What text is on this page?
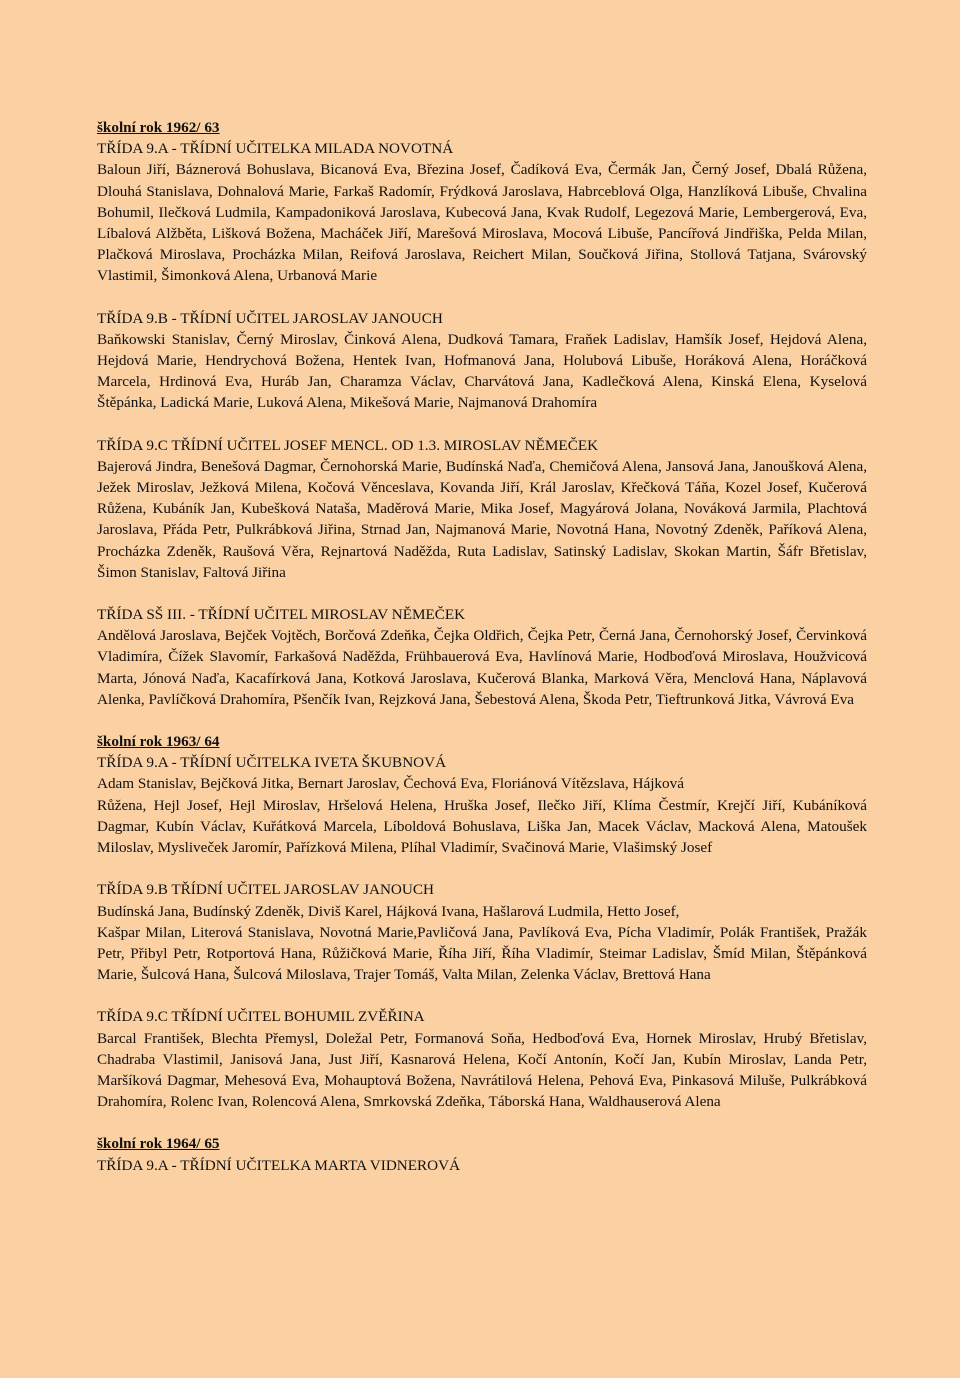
školní rok 1962/ 63
TŘÍDA 9.A - TŘÍDNÍ UČITELKA MILADA NOVOTNÁ
Baloun Jiří, Báznerová Bohuslava, Bicanová Eva, Březina Josef, Čadíková Eva, Čermák Jan, Černý Josef, Dbalá Růžena, Dlouhá Stanislava, Dohnalová Marie, Farkaš Radomír, Frýdková Jaroslava, Habrceblová Olga, Hanzlíková Libuše, Chvalina Bohumil, Ilečková Ludmila, Kampadoniková Jaroslava, Kubecová Jana, Kvak Rudolf, Legezová Marie, Lembergerová, Eva, Líbalová Alžběta, Lišková Božena, Macháček Jiří, Marešová Miroslava, Mocová Libuše, Pancířová Jindřiška, Pelda Milan, Plačková Miroslava, Procházka Milan, Reifová Jaroslava, Reichert Milan, Součková Jiřina, Stollová Tatjana, Svárovský Vlastimil, Šimonková Alena, Urbanová Marie
TŘÍDA 9.B - TŘÍDNÍ UČITEL JAROSLAV JANOUCH
Baňkowski Stanislav, Černý Miroslav, Činková Alena, Dudková Tamara, Fraňek Ladislav, Hamšík Josef, Hejdová Alena, Hejdová Marie, Hendrychová Božena, Hentek Ivan, Hofmanová Jana, Holubová Libuše, Horáková Alena, Horáčková Marcela, Hrdinová Eva, Huráb Jan, Charamza Václav, Charvátová Jana, Kadlečková Alena, Kinská Elena, Kyselová Štěpánka, Ladická Marie, Luková Alena, Mikešová Marie, Najmanová Drahomíra
TŘÍDA 9.C TŘÍDNÍ UČITEL JOSEF MENCL. OD 1.3. MIROSLAV NĚMEČEK
Bajerová Jindra, Benešová Dagmar, Černohorská Marie, Budínská Naďa, Chemičová Alena, Jansová Jana, Janoušková Alena, Ježek Miroslav, Ježková Milena, Kočová Věnceslava, Kovanda Jiří, Král Jaroslav, Křečková Táňa, Kozel Josef, Kučerová Růžena, Kubáník Jan, Kubešková Nataša, Maděrová Marie, Mika Josef, Magyárová Jolana, Nováková Jarmila, Plachtová Jaroslava, Přáda Petr, Pulkrábková Jiřina, Strnad Jan, Najmanová Marie, Novotná Hana, Novotný Zdeněk, Paříková Alena, Procházka Zdeněk, Raušová Věra, Rejnartová Naděžda, Ruta Ladislav, Satinský Ladislav, Skokan Martin, Šáfr Břetislav, Šimon Stanislav, Faltová Jiřina
TŘÍDA SŠ III. - TŘÍDNÍ UČITEL MIROSLAV NĚMEČEK
Andělová Jaroslava, Bejček Vojtěch, Borčová Zdeňka, Čejka Oldřich, Čejka Petr, Černá Jana, Černohorský Josef, Červinková Vladimíra, Čížek Slavomír, Farkašová Naděžda, Frühbauerová Eva, Havlínová Marie, Hodboďová Miroslava, Houžvicová Marta, Jónová Naďa, Kacafírková Jana, Kotková Jaroslava, Kučerová Blanka, Marková Věra, Menclová Hana, Náplavová Alenka, Pavlíčková Drahomíra, Pšenčík Ivan, Rejzková Jana, Šebestová Alena, Škoda Petr, Tieftrunková Jitka, Vávrová Eva
školní rok 1963/ 64
TŘÍDA 9.A - TŘÍDNÍ UČITELKA IVETA ŠKUBNOVÁ
Adam Stanislav, Bejčková Jitka, Bernart Jaroslav, Čechová Eva, Floriánová Vítězslava, Hájková
Růžena, Hejl Josef, Hejl Miroslav, Hršelová Helena, Hruška Josef, Ilečko Jiří, Klíma Čestmír, Krejčí Jiří, Kubáníková Dagmar, Kubín Václav, Kuřátková Marcela, Líboldová Bohuslava, Liška Jan, Macek Václav, Macková Alena, Matoušek Miloslav, Mysliveček Jaromír, Pařízková Milena, Plíhal Vladimír, Svačinová Marie, Vlašimský Josef
TŘÍDA 9.B TŘÍDNÍ UČITEL JAROSLAV JANOUCH
Budínská Jana, Budínský Zdeněk, Diviš Karel, Hájková Ivana, Hašlarová Ludmila, Hetto Josef,
Kašpar Milan, Literová Stanislava, Novotná Marie,Pavličová Jana, Pavlíková Eva, Pícha Vladimír, Polák František, Pražák Petr, Přibyl Petr, Rotportová Hana, Růžičková Marie, Říha Jiří, Říha Vladimír, Steimar Ladislav, Šmíd Milan, Štěpánková Marie, Šulcová Hana, Šulcová Miloslava, Trajer Tomáš, Valta Milan, Zelenka Václav, Brettová Hana
TŘÍDA 9.C TŘÍDNÍ UČITEL BOHUMIL ZVĚŘINA
Barcal František, Blechta Přemysl, Doležal Petr, Formanová Soňa, Hedboďová Eva, Hornek Miroslav, Hrubý Břetislav, Chadraba Vlastimil, Janisová Jana, Just Jiří, Kasnarová Helena, Kočí Antonín, Kočí Jan, Kubín Miroslav, Landa Petr, Maršíková Dagmar, Mehesová Eva, Mohauptová Božena, Navrátilová Helena, Pehová Eva, Pinkasová Miluše, Pulkrábková Drahomíra, Rolenc Ivan, Rolencová Alena, Smrkovská Zdeňka, Táborská Hana, Waldhauserová Alena
školní rok 1964/ 65
TŘÍDA 9.A - TŘÍDNÍ UČITELKA MARTA VIDNEROVÁ
